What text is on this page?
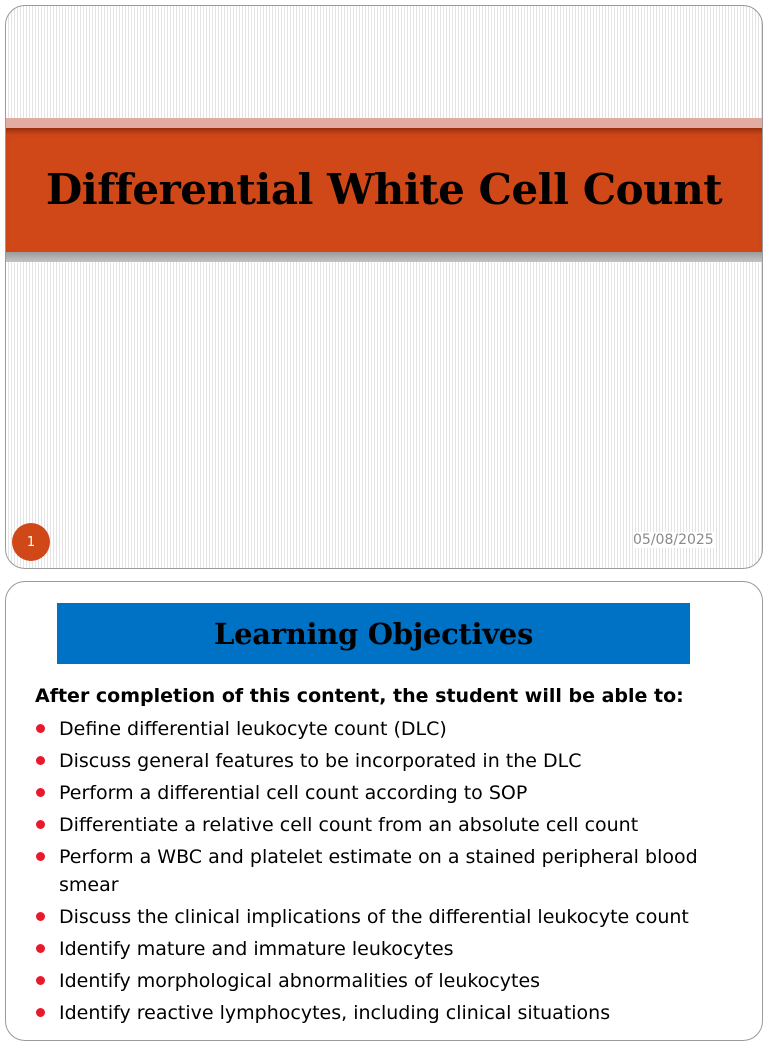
Differential White Cell Count
1	05/08/2025
Learning Objectives
After completion of this content, the student will be able to:
Define differential leukocyte count (DLC)
Discuss general features to be incorporated in the DLC
Perform a differential cell count according to SOP
Differentiate a relative cell count from an absolute cell count
Perform a WBC and platelet estimate on a stained peripheral blood smear
Discuss the clinical implications of the differential leukocyte count
Identify mature and immature leukocytes
Identify morphological abnormalities of leukocytes
Identify reactive lymphocytes, including clinical situations
